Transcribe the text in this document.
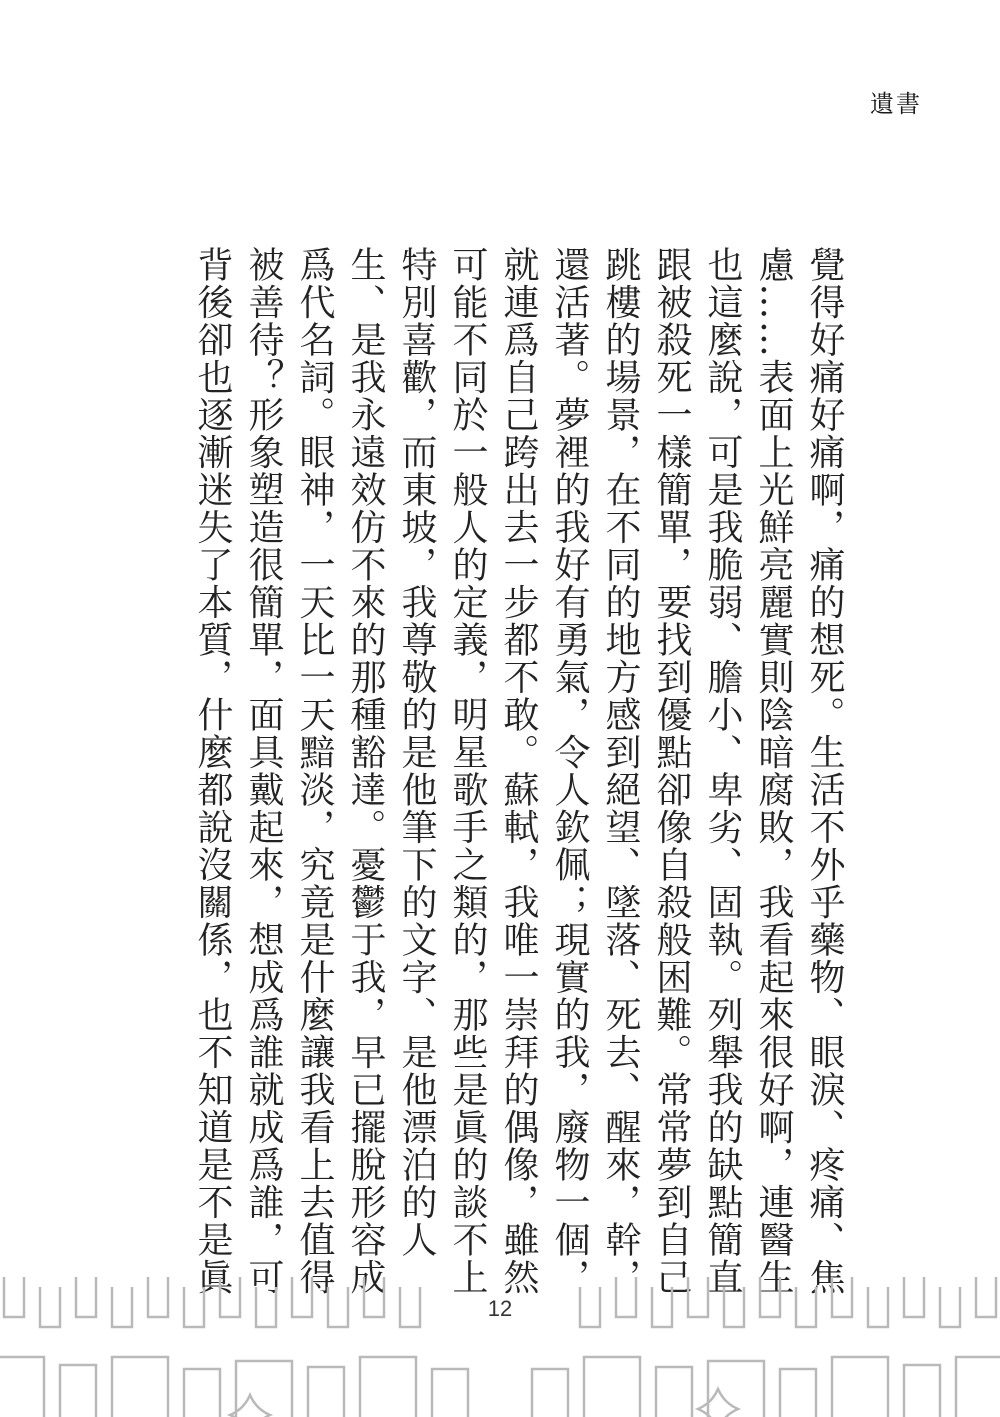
遺書
覺得好痛好痛啊，痛的想死。生活不外乎藥物、眼淚、疼痛、焦
慮……表面上光鮮亮麗實則陰暗腐敗，我看起來很好啊，連醫生
也這麼說，可是我脆弱、膽小、卑劣、固執。列舉我的缺點簡直
跟被殺死一樣簡單，要找到優點卻像自殺般困難。常常夢到自己
跳樓的場景，在不同的地方感到絕望、墜落、死去、醒來，幹，
還活著。夢裡的我好有勇氣，令人欽佩；現實的我，廢物一個，
就連爲自己跨出去一步都不敢。蘇軾，我唯一崇拜的偶像，雖然
可能不同於一般人的定義，明星歌手之類的，那些是眞的談不上
特別喜歡，而東坡，我尊敬的是他筆下的文字、是他漂泊的人
生、是我永遠效仿不來的那種豁達。憂鬱于我，早已擺脫形容成
爲代名詞。眼神，一天比一天黯淡，究竟是什麼讓我看上去值得
被善待？形象塑造很簡單，面具戴起來，想成爲誰就成爲誰，可
背後卻也逐漸迷失了本質，什麼都說沒關係，也不知道是不是眞
12
